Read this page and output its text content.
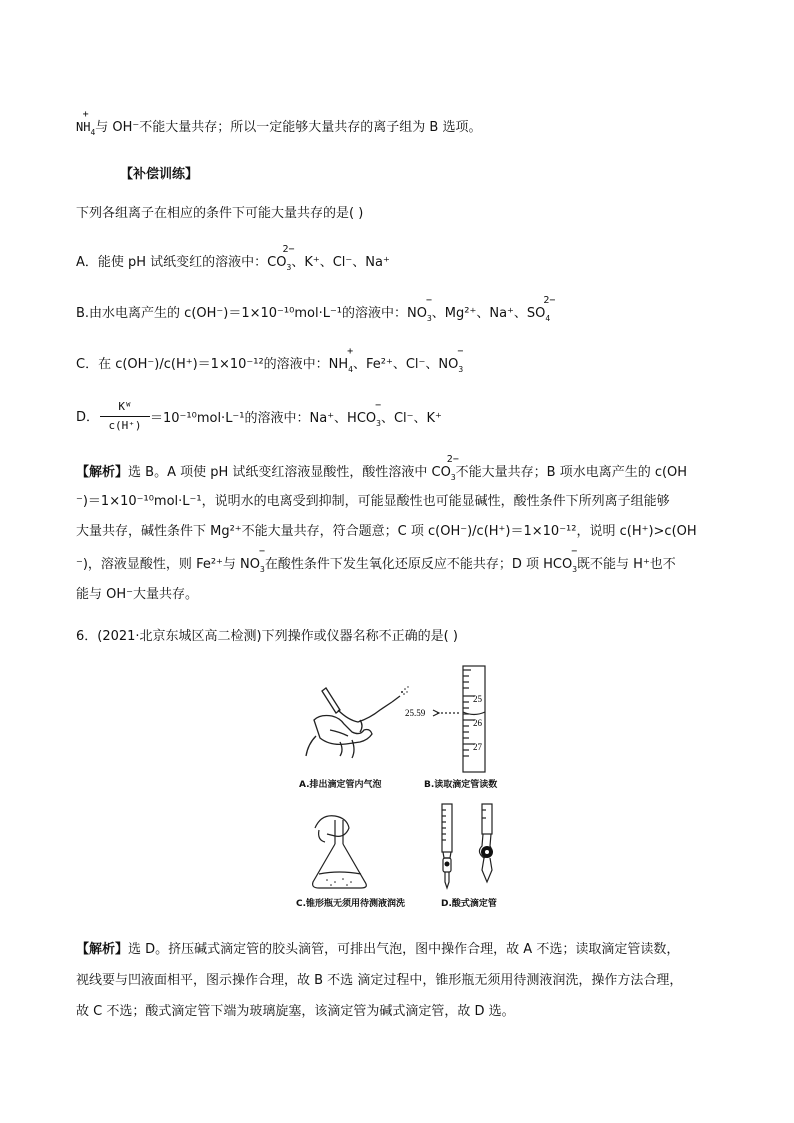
NH
+
$_4$与 OH⁻不能大量共存；所以一定能够大量共存的离子组为 B 选项。
【补偿训练】
下列各组离子在相应的条件下可能大量共存的是( )
A．能使 pH 试纸变红的溶液中：CO
2−
$_3$、K⁺、Cl⁻、Na⁺
B.由水电离产生的 c(OH⁻)＝1×10⁻¹⁰mol·L⁻¹的溶液中：NO
−
$_3$、Mg²⁺、Na⁺、SO
2−
$_4$
C．在 c(OH⁻)/c(H⁺)＝1×10⁻¹²的溶液中：NH
+
$_4$、Fe²⁺、Cl⁻、NO
−
$_3$
D． $\frac{\text{Kᵂ}}{c(H^+)} =10^{-10}mol\cdot L^{-1}$的溶液中：Na⁺、HCO
−
$_3$、Cl⁻、K⁺
【解析】选 B。A 项使 pH 试纸变红溶液显酸性，酸性溶液中 CO
2−
$_3$不能大量共存；B 项水电离产生的 c(OH
⁻)＝1×10⁻¹⁰mol·L⁻¹，说明水的电离受到抑制，可能显酸性也可能显碱性，酸性条件下所列离子组能够
大量共存，碱性条件下 Mg²⁺不能大量共存，符合题意；C 项 c(OH⁻)/c(H⁺)＝1×10⁻¹²，说明 c(H⁺)>c(OH
⁻)，溶液显酸性，则 Fe²⁺与 NO
−
$_3$在酸性条件下发生氧化还原反应不能共存；D 项 HCO
−
$_3$既不能与 H⁺也不
能与 OH⁻大量共存。
6．(2021·北京东城区高二检测)下列操作或仪器名称不正确的是( )
A.排出滴定管内气泡
25.59
25
26
27
B.读取滴定管读数
C.锥形瓶无须用待测液润洗	D.酸式滴定管
【解析】选 D。挤压碱式滴定管的胶头滴管，可排出气泡，图中操作合理，故 A 不选；读取滴定管读数，
视线要与凹液面相平，图示操作合理，故 B 不选 滴定过程中，锥形瓶无须用待测液润洗，操作方法合理，
故 C 不选；酸式滴定管下端为玻璃旋塞，该滴定管为碱式滴定管，故 D 选。
